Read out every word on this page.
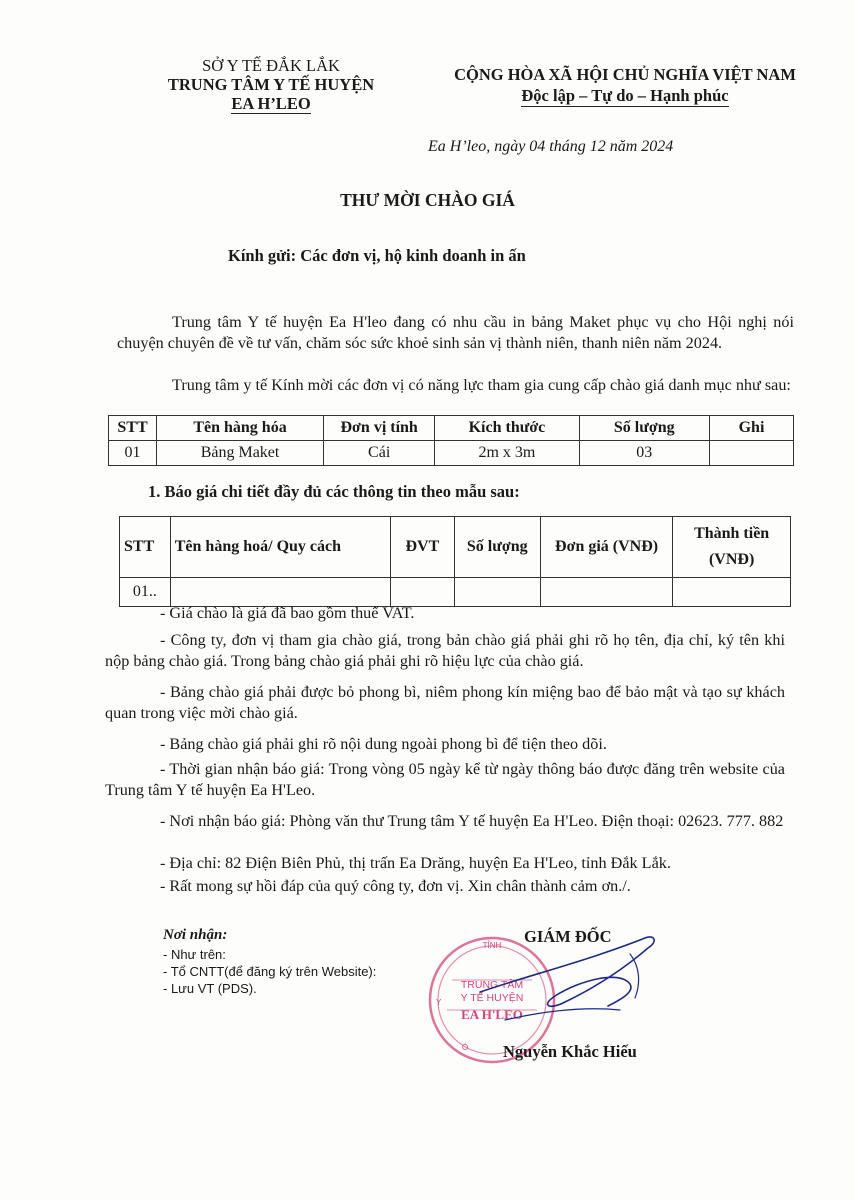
SỞ Y TẾ ĐẮK LẮK
TRUNG TÂM Y TẾ HUYỆN
EA H’LEO
CỘNG HÒA XÃ HỘI CHỦ NGHĨA VIỆT NAM
Độc lập – Tự do – Hạnh phúc
Ea H’leo, ngày 04 tháng 12 năm 2024
THƯ MỜI CHÀO GIÁ
Kính gửi: Các đơn vị, hộ kinh doanh in ấn
Trung tâm Y tế huyện Ea H'leo đang có nhu cầu in bảng Maket phục vụ cho Hội nghị nói chuyện chuyên đề về tư vấn, chăm sóc sức khoẻ sinh sản vị thành niên, thanh niên năm 2024.
Trung tâm y tế Kính mời các đơn vị có năng lực tham gia cung cấp chào giá danh mục như sau:
STT	Tên hàng hóa	Đơn vị tính	Kích thước	Số lượng	Ghi
01	Bảng Maket	Cái	2m x 3m	03	
1. Báo giá chi tiết đầy đủ các thông tin theo mẫu sau:
STT	Tên hàng hoá/ Quy cách	ĐVT	Số lượng	Đơn giá (VNĐ)	Thành tiền (VNĐ)
01..					
- Giá chào là giá đã bao gồm thuế VAT.
- Công ty, đơn vị tham gia chào giá, trong bản chào giá phải ghi rõ họ tên, địa chỉ, ký tên khi nộp bảng chào giá. Trong bảng chào giá phải ghi rõ hiệu lực của chào giá.
- Bảng chào giá phải được bỏ phong bì, niêm phong kín miệng bao để bảo mật và tạo sự khách quan trong việc mời chào giá.
- Bảng chào giá phải ghi rõ nội dung ngoài phong bì để tiện theo dõi.
- Thời gian nhận báo giá: Trong vòng 05 ngày kể từ ngày thông báo được đăng trên website của Trung tâm Y tế huyện Ea H'Leo.
- Nơi nhận báo giá: Phòng văn thư Trung tâm Y tế huyện Ea H'Leo. Điện thoại: 02623. 777. 882
- Địa chỉ: 82 Điện Biên Phủ, thị trấn Ea Drăng, huyện Ea H'Leo, tỉnh Đắk Lắk.
- Rất mong sự hồi đáp của quý công ty, đơn vị. Xin chân thành cảm ơn./.
Nơi nhận:
- Như trên:
- Tổ CNTT(để đăng ký trên Website):
- Lưu VT (PDS).
TỈNH
TRUNG TÂM
Y TẾ HUYỆN
EA H'LEO
Y
Ó
GIÁM ĐỐC
Nguyễn Khắc Hiếu
